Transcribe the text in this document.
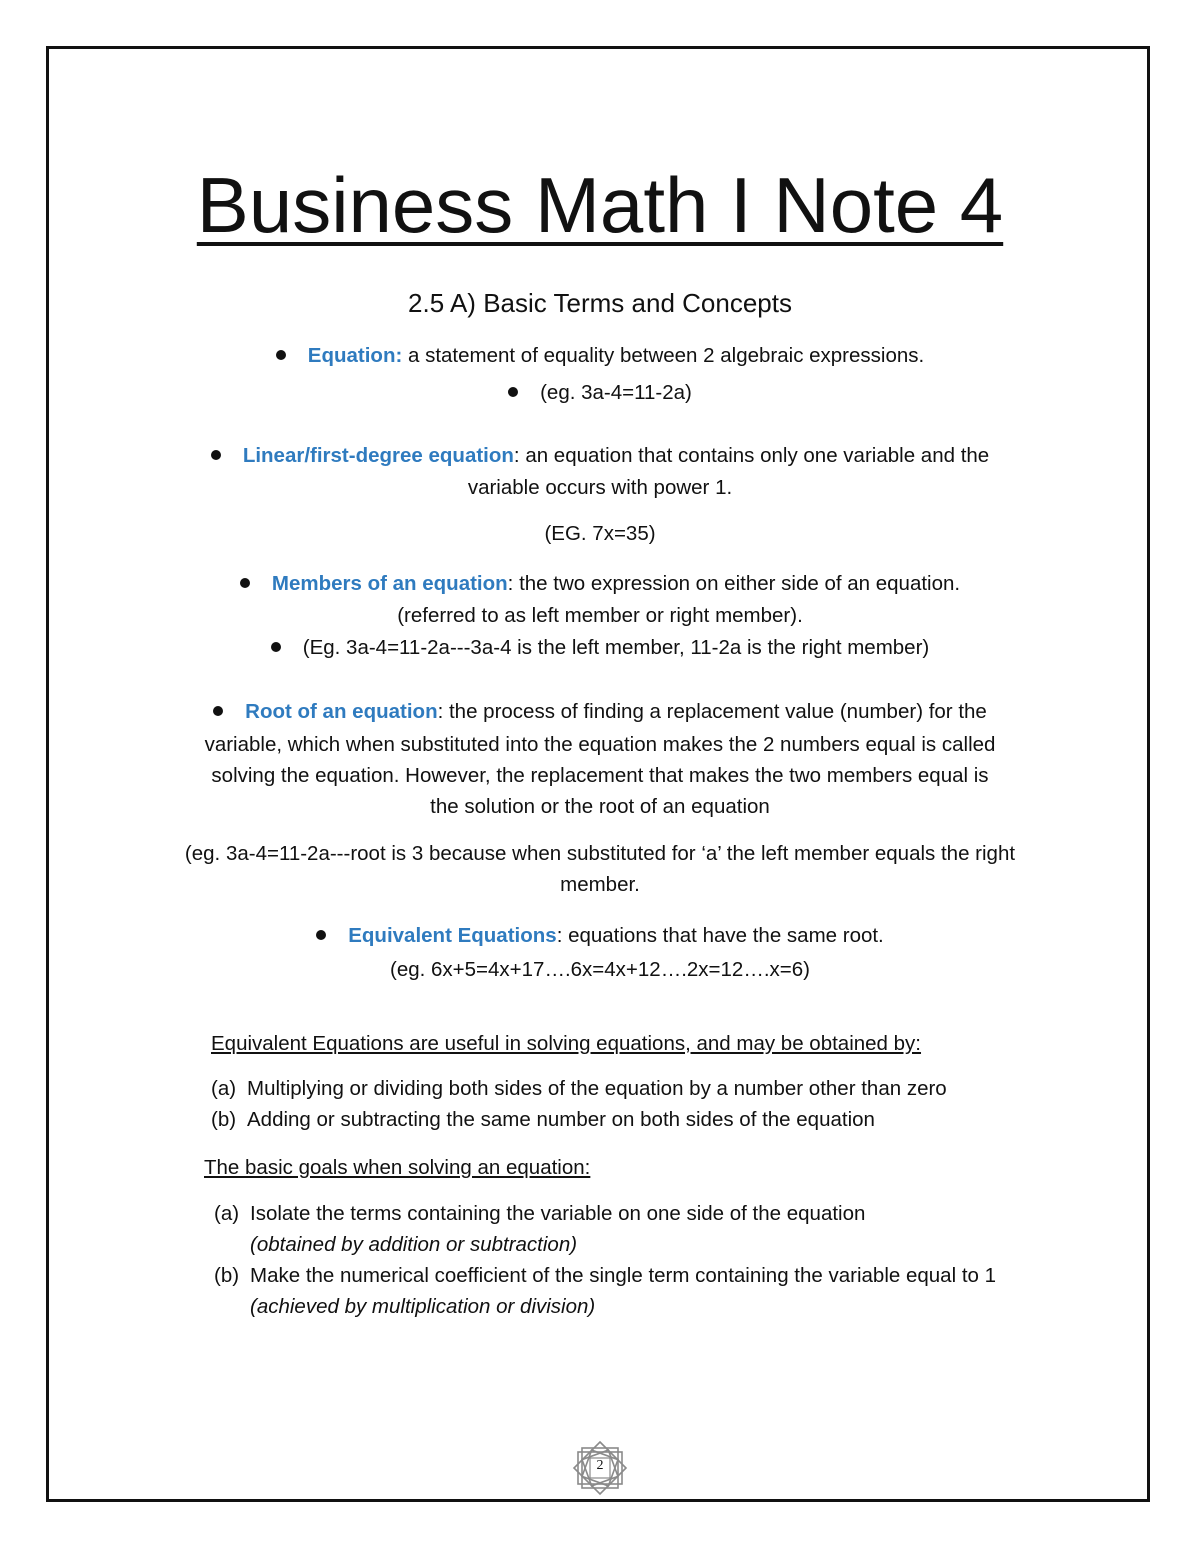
Business Math I Note 4
2.5 A) Basic Terms and Concepts
Equation: a statement of equality between 2 algebraic expressions.
(eg. 3a-4=11-2a)
Linear/first-degree equation: an equation that contains only one variable and the
variable occurs with power 1.
(EG. 7x=35)
Members of an equation: the two expression on either side of an equation.
(referred to as left member or right member).
(Eg. 3a-4=11-2a---3a-4 is the left member, 11-2a is the right member)
Root of an equation: the process of finding a replacement value (number) for the
variable, which when substituted into the equation makes the 2 numbers equal is called
solving the equation. However, the replacement that makes the two members equal is
the solution or the root of an equation
(eg. 3a-4=11-2a---root is 3 because when substituted for ‘a’ the left member equals the right
member.
Equivalent Equations: equations that have the same root.
(eg. 6x+5=4x+17….6x=4x+12….2x=12….x=6)
Equivalent Equations are useful in solving equations, and may be obtained by:
(a) Multiplying or dividing both sides of the equation by a number other than zero
(b) Adding or subtracting the same number on both sides of the equation
The basic goals when solving an equation:
(a) Isolate the terms containing the variable on one side of the equation
(obtained by addition or subtraction)
(b) Make the numerical coefficient of the single term containing the variable equal to 1
(achieved by multiplication or division)
2
